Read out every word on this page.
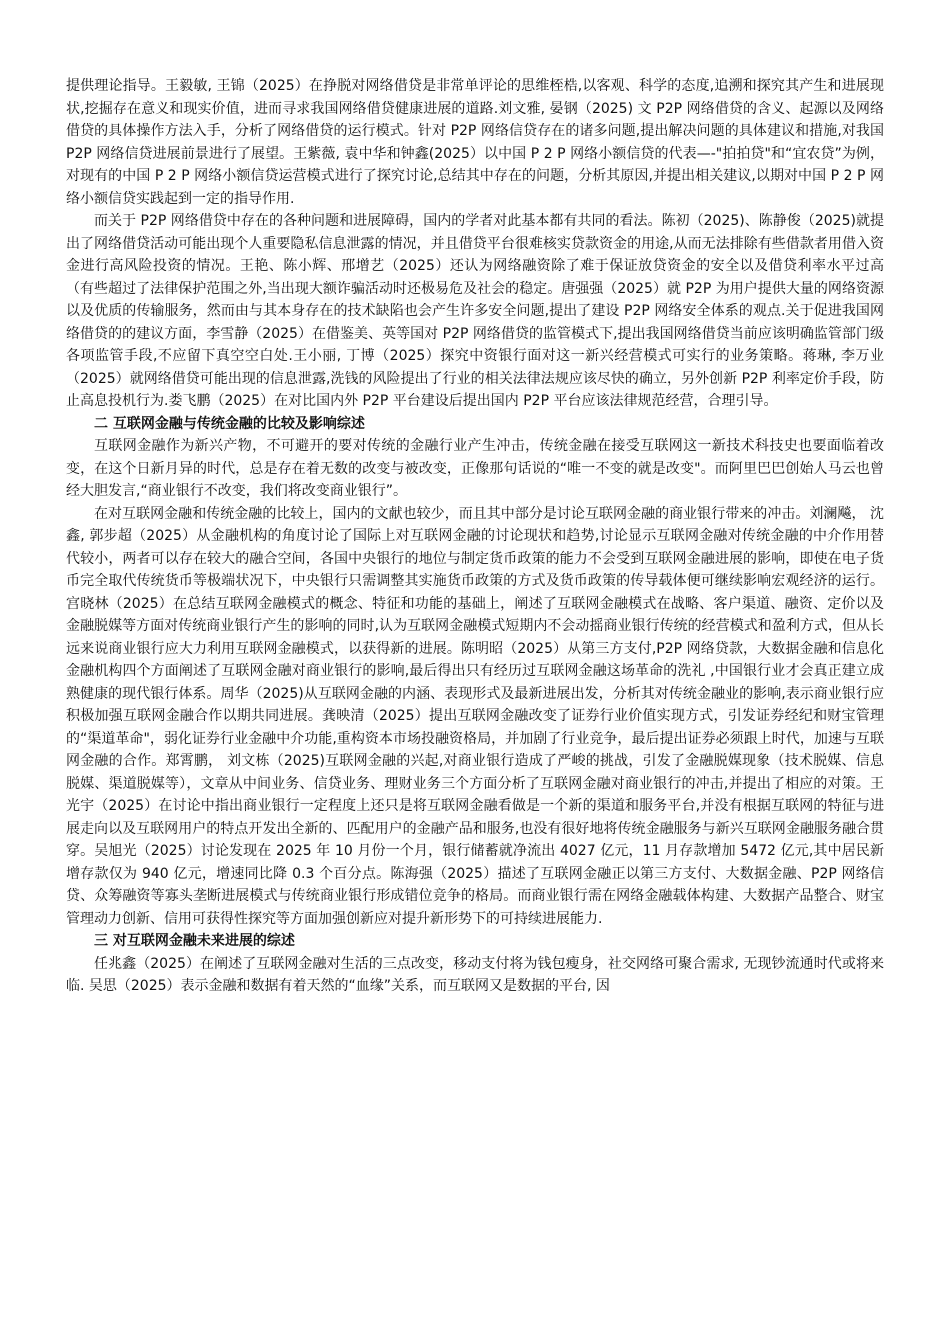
提供理论指导。王毅敏, 王锦（2025）在挣脱对网络借贷是非常单评论的思维桎梏,以客观、科学的态度,追溯和探究其产生和进展现状,挖掘存在意义和现实价值，进而寻求我国网络借贷健康进展的道路.刘文雅, 晏钢（2025) 文 P2P 网络借贷的含义、起源以及网络借贷的具体操作方法入手，分析了网络借贷的运行模式。针对 P2P 网络信贷存在的诸多问题,提出解决问题的具体建议和措施,对我国 P2P 网络信贷进展前景进行了展望。王紫薇, 袁中华和钟鑫(2025）以中国 P 2 P 网络小额信贷的代表—-"拍拍贷"和“宜农贷”为例，对现有的中国 P 2 P 网络小额信贷运营模式进行了探究讨论,总结其中存在的问题，分析其原因,并提出相关建议,以期对中国 P 2 P 网络小额信贷实践起到一定的指导作用.

而关于 P2P 网络借贷中存在的各种问题和进展障碍，国内的学者对此基本都有共同的看法。陈初（2025)、陈静俊（2025)就提出了网络借贷活动可能出现个人重要隐私信息泄露的情况，并且借贷平台很难核实贷款资金的用途,从而无法排除有些借款者用借入资金进行高风险投资的情况。王艳、陈小辉、邢增艺（2025）还认为网络融资除了难于保证放贷资金的安全以及借贷利率水平过高（有些超过了法律保护范围之外,当出现大额诈骗活动时还极易危及社会的稳定。唐强强（2025）就 P2P 为用户提供大量的网络资源以及优质的传输服务，然而由与其本身存在的技术缺陷也会产生许多安全问题,提出了建设 P2P 网络安全体系的观点.关于促进我国网络借贷的的建议方面，李雪静（2025）在借鉴美、英等国对 P2P 网络借贷的监管模式下,提出我国网络借贷当前应该明确监管部门级各项监管手段,不应留下真空空白处.王小丽, 丁博（2025）探究中资银行面对这一新兴经营模式可实行的业务策略。蒋琳, 李万业（2025）就网络借贷可能出现的信息泄露,洗钱的风险提出了行业的相关法律法规应该尽快的确立，另外创新 P2P 利率定价手段，防止高息投机行为.娄飞鹏（2025）在对比国内外 P2P 平台建设后提出国内 P2P 平台应该法律规范经营，合理引导。

二 互联网金融与传统金融的比较及影响综述

互联网金融作为新兴产物，不可避开的要对传统的金融行业产生冲击，传统金融在接受互联网这一新技术科技史也要面临着改变，在这个日新月异的时代，总是存在着无数的改变与被改变，正像那句话说的“唯一不变的就是改变"。而阿里巴巴创始人马云也曾经大胆发言,“商业银行不改变，我们将改变商业银行”。

在对互联网金融和传统金融的比较上，国内的文献也较少，而且其中部分是讨论互联网金融的商业银行带来的冲击。刘澜飚， 沈鑫, 郭步超（2025）从金融机构的角度讨论了国际上对互联网金融的讨论现状和趋势,讨论显示互联网金融对传统金融的中介作用替代较小，两者可以存在较大的融合空间，各国中央银行的地位与制定货币政策的能力不会受到互联网金融进展的影响，即使在电子货币完全取代传统货币等极端状况下，中央银行只需调整其实施货币政策的方式及货币政策的传导载体便可继续影响宏观经济的运行。宫晓林（2025）在总结互联网金融模式的概念、特征和功能的基础上，阐述了互联网金融模式在战略、客户渠道、融资、定价以及金融脱媒等方面对传统商业银行产生的影响的同时,认为互联网金融模式短期内不会动摇商业银行传统的经营模式和盈利方式，但从长远来说商业银行应大力利用互联网金融模式，以获得新的进展。陈明昭（2025）从第三方支付,P2P 网络贷款，大数据金融和信息化金融机构四个方面阐述了互联网金融对商业银行的影响,最后得出只有经历过互联网金融这场革命的洗礼 ,中国银行业才会真正建立成熟健康的现代银行体系。周华（2025)从互联网金融的内涵、表现形式及最新进展出发，分析其对传统金融业的影响,表示商业银行应积极加强互联网金融合作以期共同进展。龚映清（2025）提出互联网金融改变了证券行业价值实现方式，引发证券经纪和财宝管理的“渠道革命"，弱化证券行业金融中介功能,重构资本市场投融资格局，并加剧了行业竞争，最后提出证券必须跟上时代，加速与互联网金融的合作。郑霄鹏， 刘文栋（2025)互联网金融的兴起,对商业银行造成了严峻的挑战，引发了金融脱媒现象（技术脱媒、信息脱媒、渠道脱媒等），文章从中间业务、信贷业务、理财业务三个方面分析了互联网金融对商业银行的冲击,并提出了相应的对策。王光宇（2025）在讨论中指出商业银行一定程度上还只是将互联网金融看做是一个新的渠道和服务平台,并没有根据互联网的特征与进展走向以及互联网用户的特点开发出全新的、匹配用户的金融产品和服务,也没有很好地将传统金融服务与新兴互联网金融服务融合贯穿。吴旭光（2025）讨论发现在 2025 年 10 月份一个月，银行储蓄就净流出 4027 亿元，11 月存款增加 5472 亿元,其中居民新增存款仅为 940 亿元，增速同比降 0.3 个百分点。陈海强（2025）描述了互联网金融正以第三方支付、大数据金融、P2P 网络信贷、众筹融资等寡头垄断进展模式与传统商业银行形成错位竞争的格局。而商业银行需在网络金融载体构建、大数据产品整合、财宝管理动力创新、信用可获得性探究等方面加强创新应对提升新形势下的可持续进展能力.

三 对互联网金融未来进展的综述

任兆鑫（2025）在阐述了互联网金融对生活的三点改变，移动支付将为钱包瘦身，社交网络可聚合需求, 无现钞流通时代或将来临. 吴思（2025）表示金融和数据有着天然的“血缘”关系，而互联网又是数据的平台, 因
